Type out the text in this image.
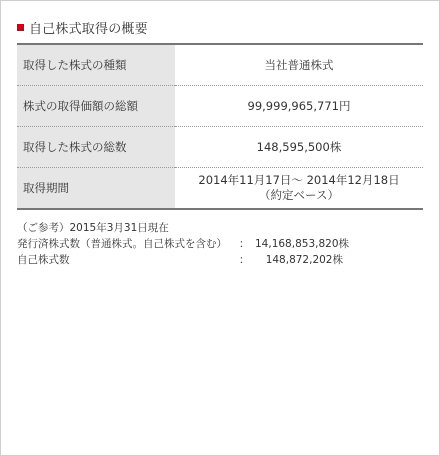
自己株式取得の概要
取得した株式の種類	当社普通株式

株式の取得価額の総額	99,999,965,771円

取得した株式の総数	148,595,500株

取得期間	2014年11月17日〜 2014年12月18日
（約定ベース）
（ご参考）2015年3月31日現在
発行済株式数（普通株式。自己株式を含む）	： 14,168,853,820株
自己株式数	：	148,872,202株
